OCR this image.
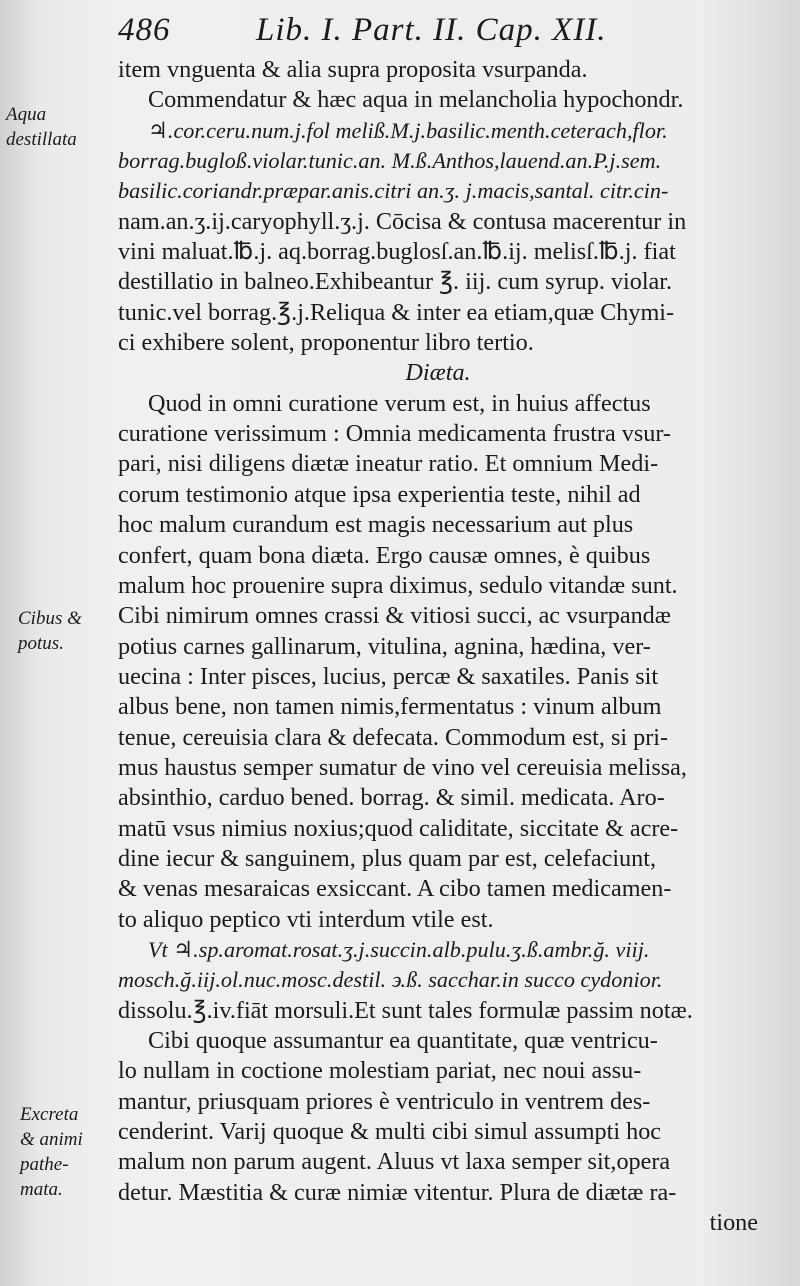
486	Lib. I. Part. II. Cap. XII.
Aqua
destillata
Cibus &
potus.
Excreta
& animi
pathe-
mata.
item vnguenta & alia supra proposita vsurpanda.
Commendatur & hæc aqua in melancholia hypochondr.
♃.cor.ceru.num.j.fol meliß.M.j.basilic.menth.ceterach,flor.
borrag.bugloß.violar.tunic.an. M.ß.Anthos,lauend.an.P.j.sem.
basilic.coriandr.præpar.anis.citri an.ʒ. j.macis,santal. citr.cin-
nam.an.ʒ.ij.caryophyll.ʒ.j. Cōcisa & contusa macerentur in
vini maluat.℔.j. aq.borrag.buglosſ.an.℔.ij. melisſ.℔.j. fiat
destillatio in balneo.Exhibeantur ℥. iij. cum syrup. violar.
tunic.vel borrag.℥.j.Reliqua & inter ea etiam,quæ Chymi-
ci exhibere solent, proponentur libro tertio.
Diæta.
Quod in omni curatione verum est, in huius affectus
curatione verissimum : Omnia medicamenta frustra vsur-
pari, nisi diligens diætæ ineatur ratio. Et omnium Medi-
corum testimonio atque ipsa experientia teste, nihil ad
hoc malum curandum est magis necessarium aut plus
confert, quam bona diæta. Ergo causæ omnes, è quibus
malum hoc prouenire supra diximus, sedulo vitandæ sunt.
Cibi nimirum omnes crassi & vitiosi succi, ac vsurpandæ
potius carnes gallinarum, vitulina, agnina, hædina, ver-
uecina : Inter pisces, lucius, percæ & saxatiles. Panis sit
albus bene, non tamen nimis,fermentatus : vinum album
tenue, cereuisia clara & defecata. Commodum est, si pri-
mus haustus semper sumatur de vino vel cereuisia melissa,
absinthio, carduo bened. borrag. & simil. medicata. Aro-
matū vsus nimius noxius;quod caliditate, siccitate & acre-
dine iecur & sanguinem, plus quam par est, celefaciunt,
& venas mesaraicas exsiccant. A cibo tamen medicamen-
to aliquo peptico vti interdum vtile est.
Vt ♃.sp.aromat.rosat.ʒ.j.succin.alb.pulu.ʒ.ß.ambr.ğ. viij.
mosch.ğ.iij.ol.nuc.mosc.destil. ϶.ß. sacchar.in succo cydonior.
dissolu.℥.iv.fiāt morsuli.Et sunt tales formulæ passim notæ.
Cibi quoque assumantur ea quantitate, quæ ventricu-
lo nullam in coctione molestiam pariat, nec noui assu-
mantur, priusquam priores è ventriculo in ventrem des-
cenderint. Varij quoque & multi cibi simul assumpti hoc
malum non parum augent. Aluus vt laxa semper sit,opera
detur. Mæstitia & curæ nimiæ vitentur. Plura de diætæ ra-
tione
